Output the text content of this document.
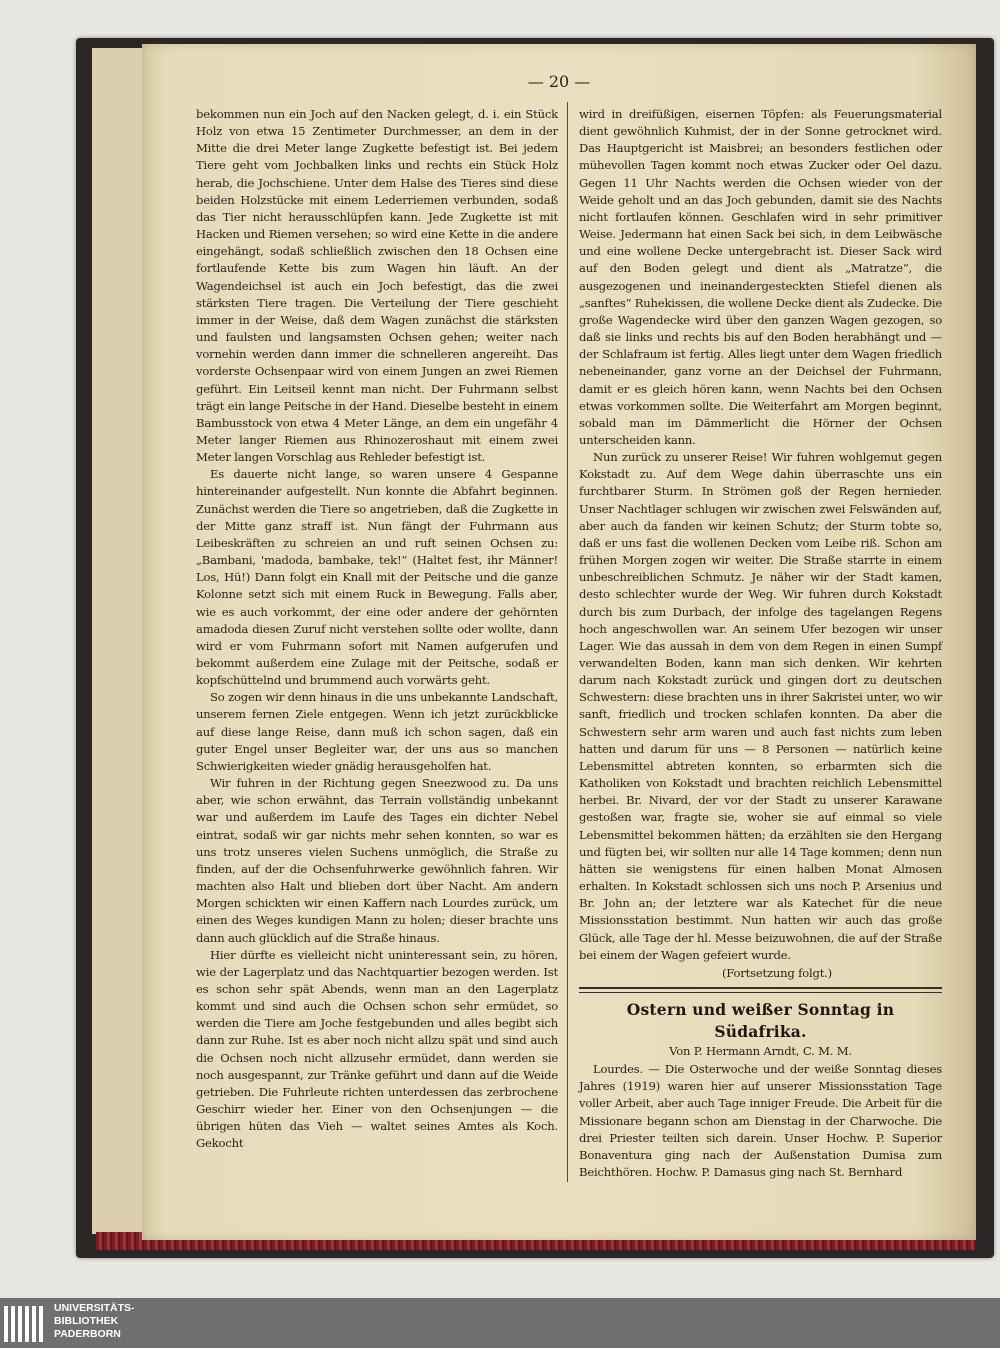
— 20 —

bekommen nun ein Joch auf den Nacken gelegt, d. i. ein Stück Holz von etwa 15 Zentimeter Durchmesser, an dem in der Mitte die drei Meter lange Zugkette befestigt ist. Bei jedem Tiere geht vom Jochbalken links und rechts ein Stück Holz herab, die Jochschiene. Unter dem Halse des Tieres sind diese beiden Holzstücke mit einem Lederriemen verbunden, sodaß das Tier nicht herausschlüpfen kann. Jede Zugkette ist mit Hacken und Riemen versehen; so wird eine Kette in die andere eingehängt, sodaß schließlich zwischen den 18 Ochsen eine fortlaufende Kette bis zum Wagen hin läuft. An der Wagendeichsel ist auch ein Joch befestigt, das die zwei stärksten Tiere tragen. Die Verteilung der Tiere geschieht immer in der Weise, daß dem Wagen zunächst die stärksten und faulsten und langsamsten Ochsen gehen; weiter nach vornehin werden dann immer die schnelleren angereiht. Das vorderste Ochsenpaar wird von einem Jungen an zwei Riemen geführt. Ein Leitseil kennt man nicht. Der Fuhrmann selbst trägt ein lange Peitsche in der Hand. Dieselbe besteht in einem Bambusstock von etwa 4 Meter Länge, an dem ein ungefähr 4 Meter langer Riemen aus Rhinozeroshaut mit einem zwei Meter langen Vorschlag aus Rehleder befestigt ist.

Es dauerte nicht lange, so waren unsere 4 Gespanne hintereinander aufgestellt. Nun konnte die Abfahrt beginnen. Zunächst werden die Tiere so angetrieben, daß die Zugkette in der Mitte ganz straff ist. Nun fängt der Fuhrmann aus Leibeskräften zu schreien an und ruft seinen Ochsen zu: „Bambani, 'madoda, bambake, tek!“ (Haltet fest, ihr Männer! Los, Hü!) Dann folgt ein Knall mit der Peitsche und die ganze Kolonne setzt sich mit einem Ruck in Bewegung. Falls aber, wie es auch vorkommt, der eine oder andere der gehörnten amadoda diesen Zuruf nicht verstehen sollte oder wollte, dann wird er vom Fuhrmann sofort mit Namen aufgerufen und bekommt außerdem eine Zulage mit der Peitsche, sodaß er kopfschüttelnd und brummend auch vorwärts geht.

So zogen wir denn hinaus in die uns unbekannte Landschaft, unserem fernen Ziele entgegen. Wenn ich jetzt zurückblicke auf diese lange Reise, dann muß ich schon sagen, daß ein guter Engel unser Begleiter war, der uns aus so manchen Schwierigkeiten wieder gnädig herausgeholfen hat.

Wir fuhren in der Richtung gegen Sneezwood zu. Da uns aber, wie schon erwähnt, das Terrain vollständig unbekannt war und außerdem im Laufe des Tages ein dichter Nebel eintrat, sodaß wir gar nichts mehr sehen konnten, so war es uns trotz unseres vielen Suchens unmöglich, die Straße zu finden, auf der die Ochsenfuhrwerke gewöhnlich fahren. Wir machten also Halt und blieben dort über Nacht. Am andern Morgen schickten wir einen Kaffern nach Lourdes zurück, um einen des Weges kundigen Mann zu holen; dieser brachte uns dann auch glücklich auf die Straße hinaus.

Hier dürfte es vielleicht nicht uninteressant sein, zu hören, wie der Lagerplatz und das Nachtquartier bezogen werden. Ist es schon sehr spät Abends, wenn man an den Lagerplatz kommt und sind auch die Ochsen schon sehr ermüdet, so werden die Tiere am Joche festgebunden und alles begibt sich dann zur Ruhe. Ist es aber noch nicht allzu spät und sind auch die Ochsen noch nicht allzusehr ermüdet, dann werden sie noch ausgespannt, zur Tränke geführt und dann auf die Weide getrieben. Die Fuhrleute richten unterdessen das zerbrochene Geschirr wieder her. Einer von den Ochsenjungen — die übrigen hüten das Vieh — waltet seines Amtes als Koch. Gekocht

wird in dreifüßigen, eisernen Töpfen: als Feuerungsmaterial dient gewöhnlich Kuhmist, der in der Sonne getrocknet wird. Das Hauptgericht ist Maisbrei; an besonders festlichen oder mühevollen Tagen kommt noch etwas Zucker oder Oel dazu. Gegen 11 Uhr Nachts werden die Ochsen wieder von der Weide geholt und an das Joch gebunden, damit sie des Nachts nicht fortlaufen können. Geschlafen wird in sehr primitiver Weise. Jedermann hat einen Sack bei sich, in dem Leibwäsche und eine wollene Decke untergebracht ist. Dieser Sack wird auf den Boden gelegt und dient als „Matratze“, die ausgezogenen und ineinandergesteckten Stiefel dienen als „sanftes“ Ruhekissen, die wollene Decke dient als Zudecke. Die große Wagendecke wird über den ganzen Wagen gezogen, so daß sie links und rechts bis auf den Boden herabhängt und — der Schlafraum ist fertig. Alles liegt unter dem Wagen friedlich nebeneinander, ganz vorne an der Deichsel der Fuhrmann, damit er es gleich hören kann, wenn Nachts bei den Ochsen etwas vorkommen sollte. Die Weiterfahrt am Morgen beginnt, sobald man im Dämmerlicht die Hörner der Ochsen unterscheiden kann.

Nun zurück zu unserer Reise! Wir fuhren wohlgemut gegen Kokstadt zu. Auf dem Wege dahin überraschte uns ein furchtbarer Sturm. In Strömen goß der Regen hernieder. Unser Nachtlager schlugen wir zwischen zwei Felswänden auf, aber auch da fanden wir keinen Schutz; der Sturm tobte so, daß er uns fast die wollenen Decken vom Leibe riß. Schon am frühen Morgen zogen wir weiter. Die Straße starrte in einem unbeschreiblichen Schmutz. Je näher wir der Stadt kamen, desto schlechter wurde der Weg. Wir fuhren durch Kokstadt durch bis zum Durbach, der infolge des tagelangen Regens hoch angeschwollen war. An seinem Ufer bezogen wir unser Lager. Wie das aussah in dem von dem Regen in einen Sumpf verwandelten Boden, kann man sich denken. Wir kehrten darum nach Kokstadt zurück und gingen dort zu deutschen Schwestern: diese brachten uns in ihrer Sakristei unter, wo wir sanft, friedlich und trocken schlafen konnten. Da aber die Schwestern sehr arm waren und auch fast nichts zum leben hatten und darum für uns — 8 Personen — natürlich keine Lebensmittel abtreten konnten, so erbarmten sich die Katholiken von Kokstadt und brachten reichlich Lebensmittel herbei. Br. Nivard, der vor der Stadt zu unserer Karawane gestoßen war, fragte sie, woher sie auf einmal so viele Lebensmittel bekommen hätten; da erzählten sie den Hergang und fügten bei, wir sollten nur alle 14 Tage kommen; denn nun hätten sie wenigstens für einen halben Monat Almosen erhalten. In Kokstadt schlossen sich uns noch P. Arsenius und Br. John an; der letztere war als Katechet für die neue Missionsstation bestimmt. Nun hatten wir auch das große Glück, alle Tage der hl. Messe beizuwohnen, die auf der Straße bei einem der Wagen gefeiert wurde.

(Fortsetzung folgt.)
Ostern und weißer Sonntag in Südafrika.
Von P. Hermann Arndt, C. M. M.

Lourdes. — Die Osterwoche und der weiße Sonntag dieses Jahres (1919) waren hier auf unserer Missionsstation Tage voller Arbeit, aber auch Tage inniger Freude. Die Arbeit für die Missionare begann schon am Dienstag in der Charwoche. Die drei Priester teilten sich darein. Unser Hochw. P. Superior Bonaventura ging nach der Außenstation Dumisa zum Beichthören. Hochw. P. Damasus ging nach St. Bernhard

UNIVERSITÄTS-
BIBLIOTHEK
PADERBORN
